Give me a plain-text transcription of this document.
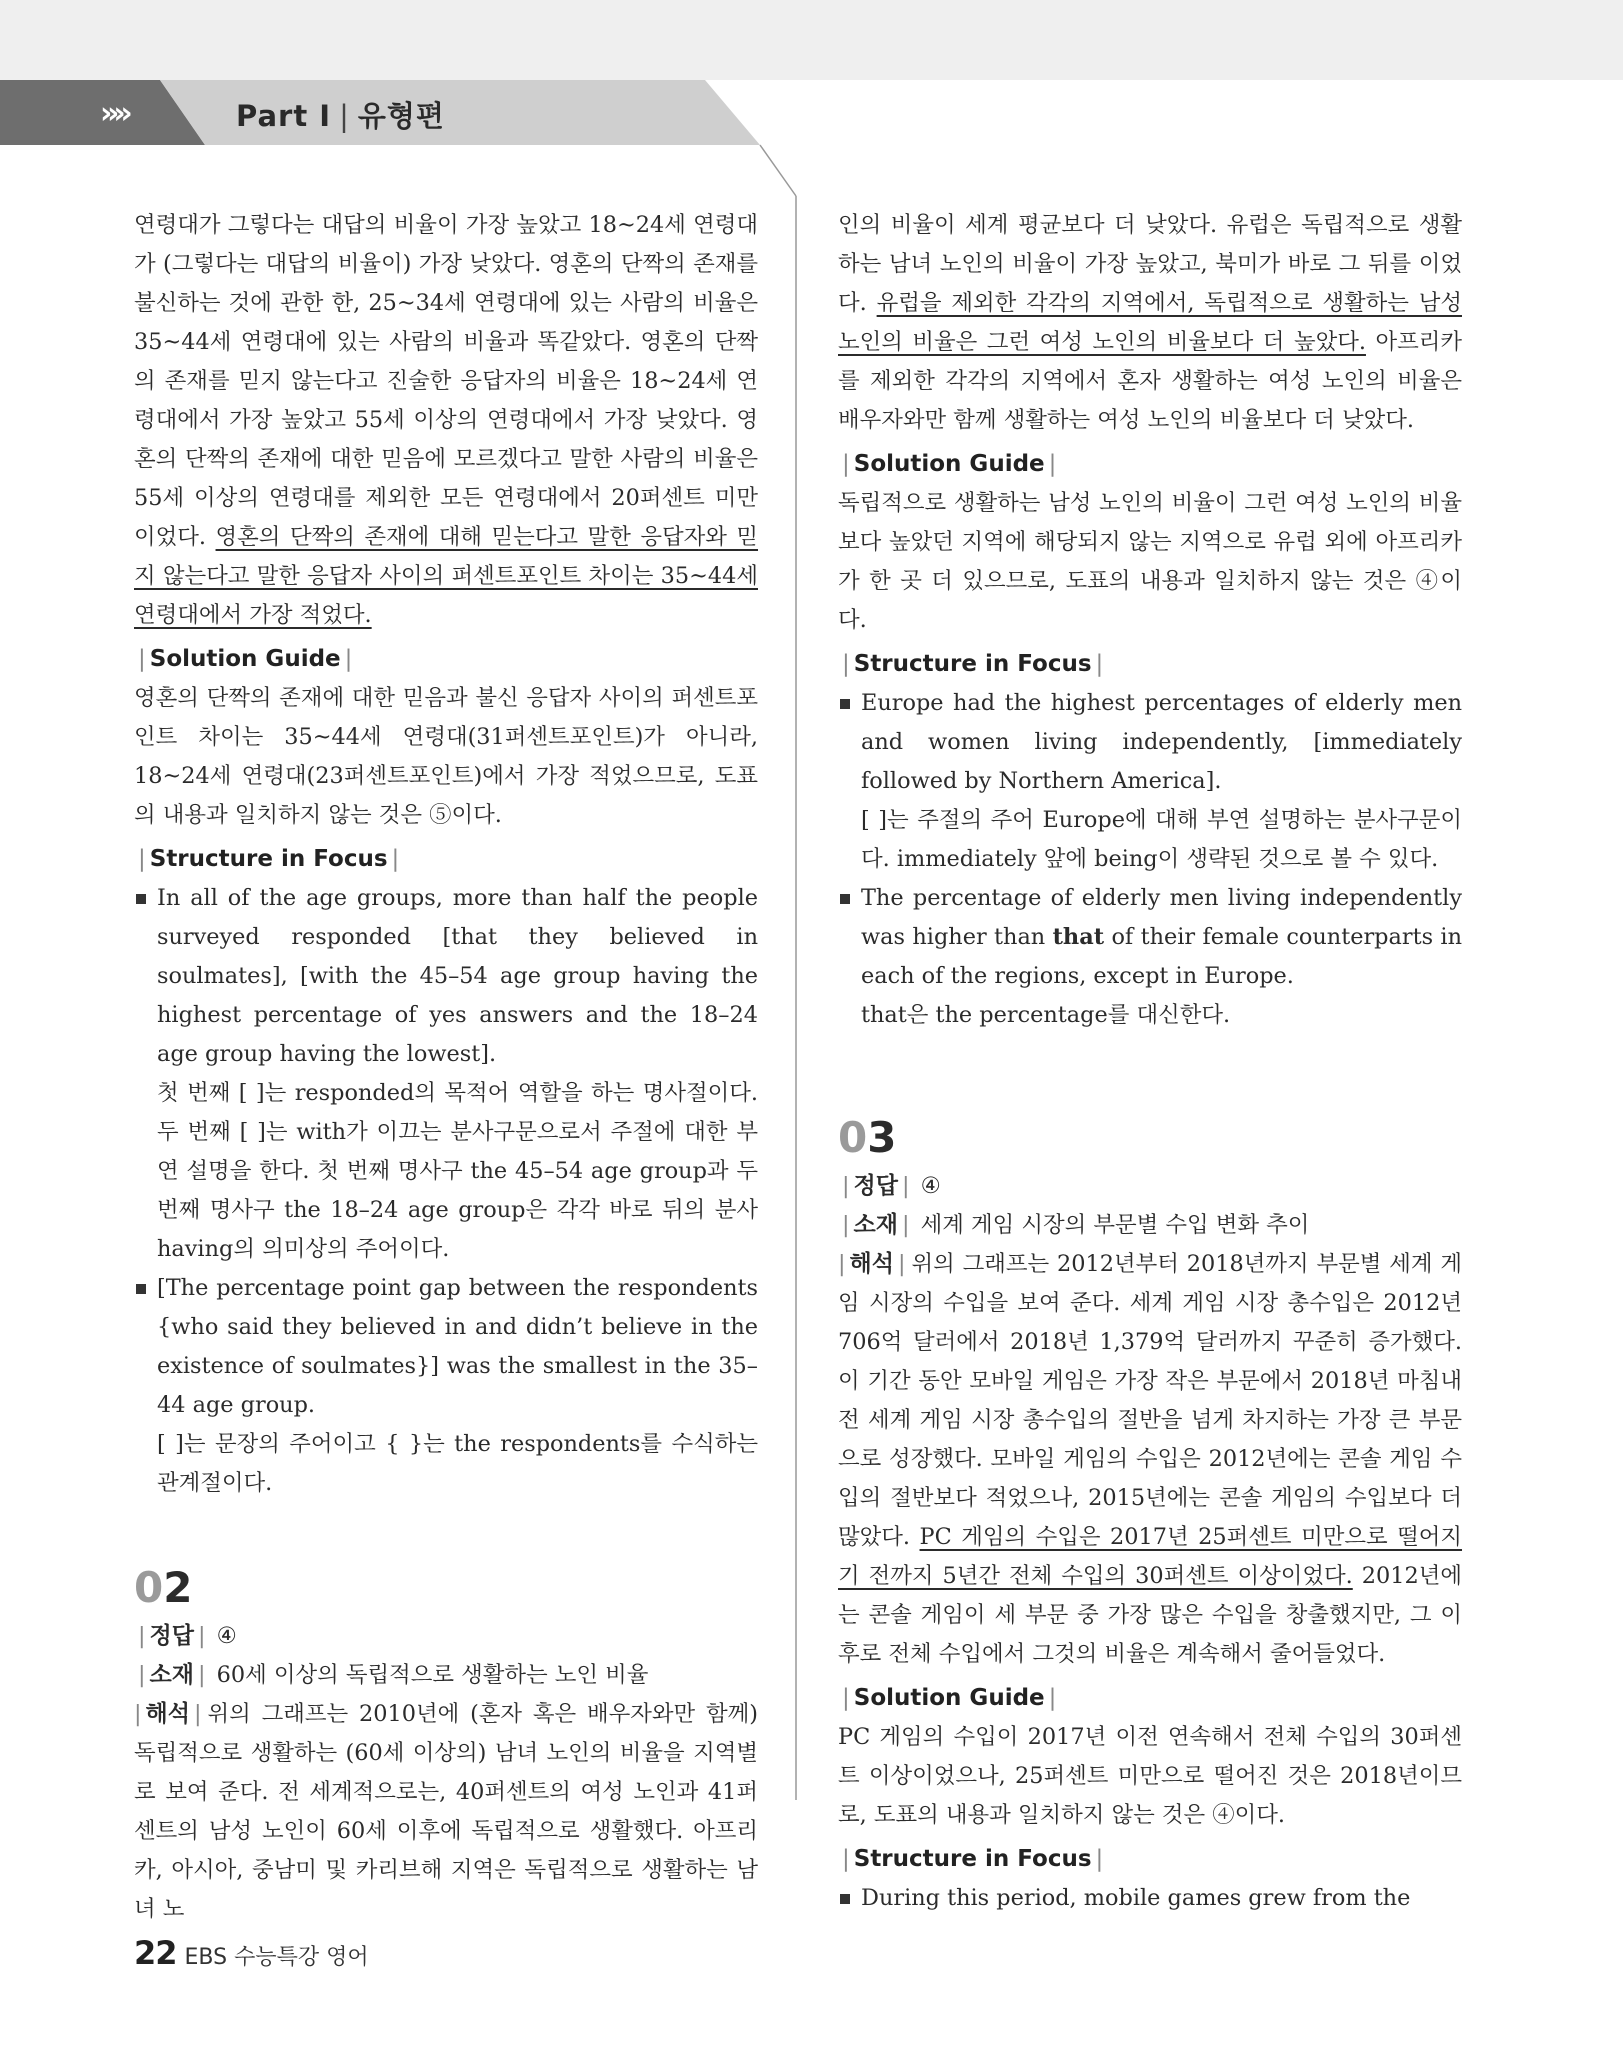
»»	Part Ⅰ | 유형편

연령대가 그렇다는 대답의 비율이 가장 높았고 18~24세 연령대가 (그렇다는 대답의 비율이) 가장 낮았다. 영혼의 단짝의 존재를 불신하는 것에 관한 한, 25~34세 연령대에 있는 사람의 비율은 35~44세 연령대에 있는 사람의 비율과 똑같았다. 영혼의 단짝의 존재를 믿지 않는다고 진술한 응답자의 비율은 18~24세 연령대에서 가장 높았고 55세 이상의 연령대에서 가장 낮았다. 영혼의 단짝의 존재에 대한 믿음에 모르겠다고 말한 사람의 비율은 55세 이상의 연령대를 제외한 모든 연령대에서 20퍼센트 미만이었다. 영혼의 단짝의 존재에 대해 믿는다고 말한 응답자와 믿지 않는다고 말한 응답자 사이의 퍼센트포인트 차이는 35~44세 연령대에서 가장 적었다.

| Solution Guide |

영혼의 단짝의 존재에 대한 믿음과 불신 응답자 사이의 퍼센트포인트 차이는 35~44세 연령대(31퍼센트포인트)가 아니라, 18~24세 연령대(23퍼센트포인트)에서 가장 적었으므로, 도표의 내용과 일치하지 않는 것은 ⑤이다.

| Structure in Focus |

In all of the age groups, more than half the people surveyed responded [that they believed in soulmates], [with the 45–54 age group having the highest percentage of yes answers and the 18–24 age group having the lowest].

첫 번째 [ ]는 responded의 목적어 역할을 하는 명사절이다. 두 번째 [ ]는 with가 이끄는 분사구문으로서 주절에 대한 부연 설명을 한다. 첫 번째 명사구 the 45–54 age group과 두 번째 명사구 the 18–24 age group은 각각 바로 뒤의 분사 having의 의미상의 주어이다.

[The percentage point gap between the respondents {who said they believed in and didn’t believe in the existence of soulmates}] was the smallest in the 35–44 age group.

[ ]는 문장의 주어이고 { }는 the respondents를 수식하는 관계절이다.

02

| 정답 | ④

| 소재 | 60세 이상의 독립적으로 생활하는 노인 비율

| 해석 | 위의 그래프는 2010년에 (혼자 혹은 배우자와만 함께) 독립적으로 생활하는 (60세 이상의) 남녀 노인의 비율을 지역별로 보여 준다. 전 세계적으로는, 40퍼센트의 여성 노인과 41퍼센트의 남성 노인이 60세 이후에 독립적으로 생활했다. 아프리카, 아시아, 중남미 및 카리브해 지역은 독립적으로 생활하는 남녀 노

인의 비율이 세계 평균보다 더 낮았다. 유럽은 독립적으로 생활하는 남녀 노인의 비율이 가장 높았고, 북미가 바로 그 뒤를 이었다. 유럽을 제외한 각각의 지역에서, 독립적으로 생활하는 남성 노인의 비율은 그런 여성 노인의 비율보다 더 높았다. 아프리카를 제외한 각각의 지역에서 혼자 생활하는 여성 노인의 비율은 배우자와만 함께 생활하는 여성 노인의 비율보다 더 낮았다.

| Solution Guide |

독립적으로 생활하는 남성 노인의 비율이 그런 여성 노인의 비율보다 높았던 지역에 해당되지 않는 지역으로 유럽 외에 아프리카가 한 곳 더 있으므로, 도표의 내용과 일치하지 않는 것은 ④이다.

| Structure in Focus |

Europe had the highest percentages of elderly men and women living independently, [immediately followed by Northern America].

[ ]는 주절의 주어 Europe에 대해 부연 설명하는 분사구문이다. immediately 앞에 being이 생략된 것으로 볼 수 있다.

The percentage of elderly men living independently was higher than that of their female counterparts in each of the regions, except in Europe.

that은 the percentage를 대신한다.

03

| 정답 | ④

| 소재 | 세계 게임 시장의 부문별 수입 변화 추이

| 해석 | 위의 그래프는 2012년부터 2018년까지 부문별 세계 게임 시장의 수입을 보여 준다. 세계 게임 시장 총수입은 2012년 706억 달러에서 2018년 1,379억 달러까지 꾸준히 증가했다. 이 기간 동안 모바일 게임은 가장 작은 부문에서 2018년 마침내 전 세계 게임 시장 총수입의 절반을 넘게 차지하는 가장 큰 부문으로 성장했다. 모바일 게임의 수입은 2012년에는 콘솔 게임 수입의 절반보다 적었으나, 2015년에는 콘솔 게임의 수입보다 더 많았다. PC 게임의 수입은 2017년 25퍼센트 미만으로 떨어지기 전까지 5년간 전체 수입의 30퍼센트 이상이었다. 2012년에는 콘솔 게임이 세 부문 중 가장 많은 수입을 창출했지만, 그 이후로 전체 수입에서 그것의 비율은 계속해서 줄어들었다.

| Solution Guide |

PC 게임의 수입이 2017년 이전 연속해서 전체 수입의 30퍼센트 이상이었으나, 25퍼센트 미만으로 떨어진 것은 2018년이므로, 도표의 내용과 일치하지 않는 것은 ④이다.

| Structure in Focus |

During this period, mobile games grew from the

22 EBS 수능특강 영어
